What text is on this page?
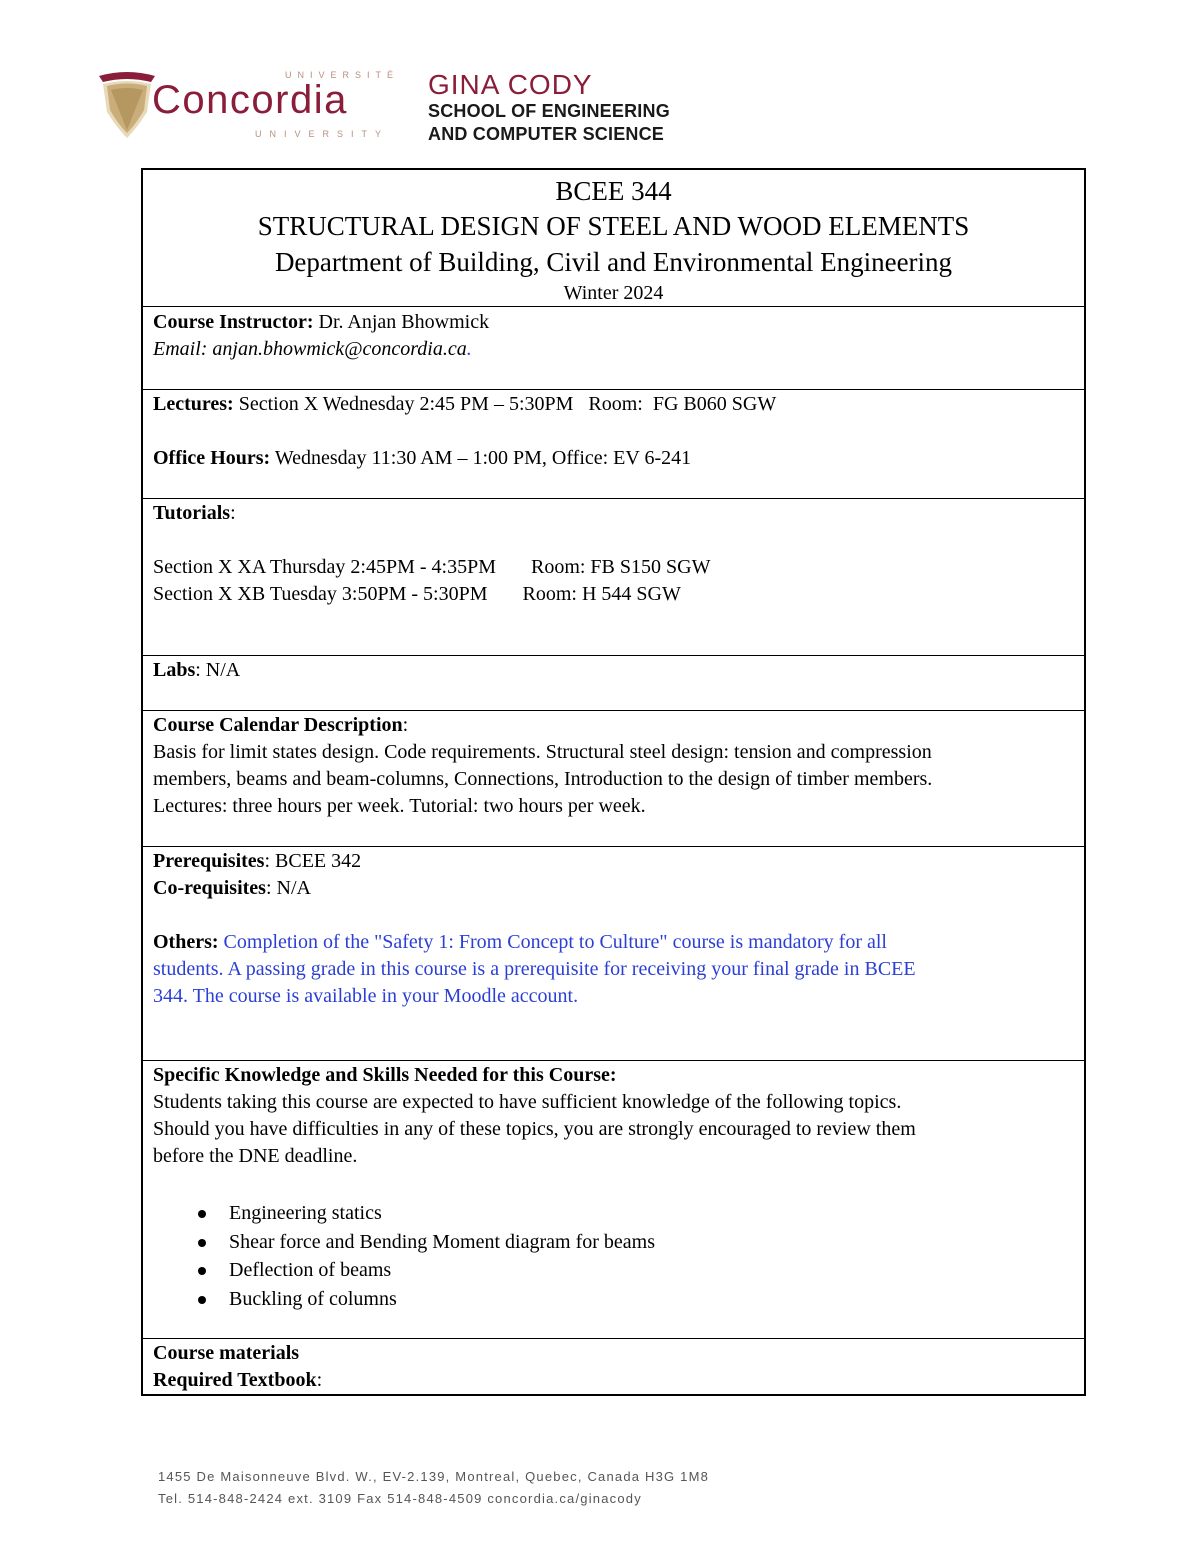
UNIVERSITÉ
Concordia
UNIVERSITY
GINA CODY
SCHOOL OF ENGINEERING
AND COMPUTER SCIENCE
BCEE 344
STRUCTURAL DESIGN OF STEEL AND WOOD ELEMENTS
Department of Building, Civil and Environmental Engineering
Winter 2024
Course Instructor: Dr. Anjan Bhowmick
Email: anjan.bhowmick@concordia.ca.
Lectures: Section X Wednesday 2:45 PM – 5:30PM   Room:  FG B060 SGW
Office Hours: Wednesday 11:30 AM – 1:00 PM, Office: EV 6-241
Tutorials:
Section X XA Thursday 2:45PM - 4:35PM       Room: FB S150 SGW
Section X XB Tuesday 3:50PM - 5:30PM       Room: H 544 SGW
Labs: N/A
Course Calendar Description:
Basis for limit states design. Code requirements. Structural steel design: tension and compression
members, beams and beam-columns, Connections, Introduction to the design of timber members.
Lectures: three hours per week. Tutorial: two hours per week.
Prerequisites: BCEE 342
Co-requisites: N/A
Others: Completion of the "Safety 1: From Concept to Culture" course is mandatory for all
students. A passing grade in this course is a prerequisite for receiving your final grade in BCEE
344. The course is available in your Moodle account.
Specific Knowledge and Skills Needed for this Course:
Students taking this course are expected to have sufficient knowledge of the following topics.
Should you have difficulties in any of these topics, you are strongly encouraged to review them
before the DNE deadline.
Engineering statics
Shear force and Bending Moment diagram for beams
Deflection of beams
Buckling of columns
Course materials
Required Textbook:
1455 De Maisonneuve Blvd. W., EV-2.139, Montreal, Quebec, Canada H3G 1M8
Tel. 514-848-2424 ext. 3109 Fax 514-848-4509 concordia.ca/ginacody
